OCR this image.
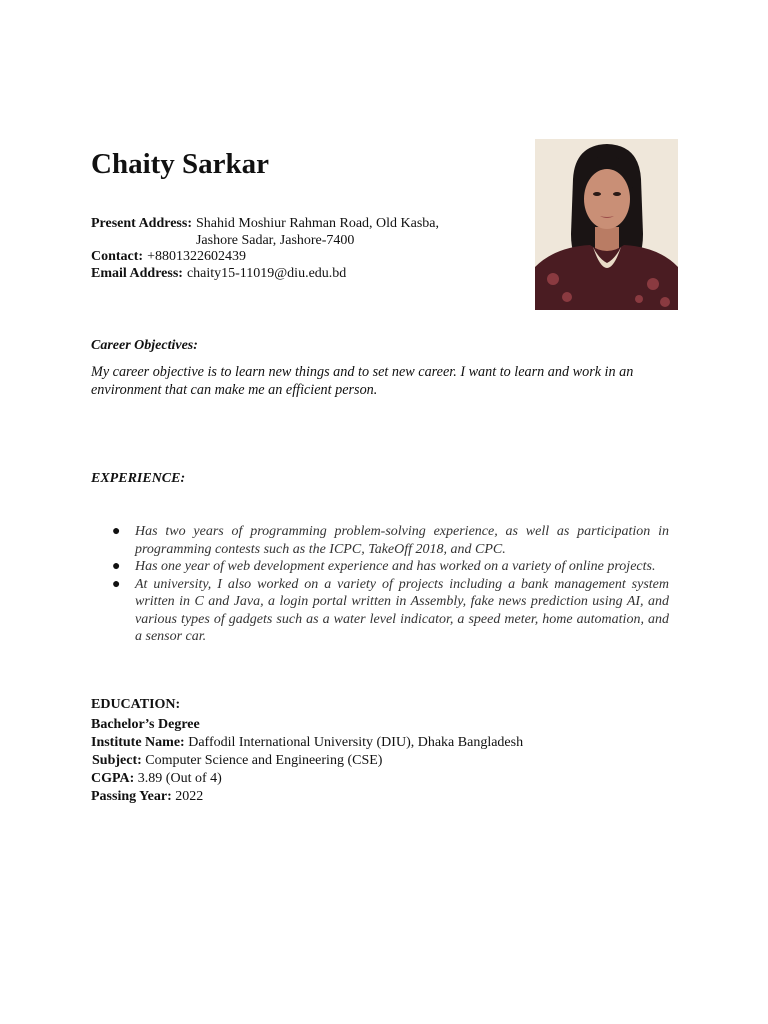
Chaity Sarkar
Present Address: Shahid Moshiur Rahman Road, Old Kasba,
Jashore Sadar, Jashore-7400
Contact: +8801322602439
Email Address: chaity15-11019@diu.edu.bd
Career Objectives:
My career objective is to learn new things and to set new career. I want to learn and work in an environment that can make me an efficient person.
EXPERIENCE:
● Has two years of programming problem-solving experience, as well as participation in programming contests such as the ICPC, TakeOff 2018, and CPC.
● Has one year of web development experience and has worked on a variety of online projects.
● At university, I also worked on a variety of projects including a bank management system written in C and Java, a login portal written in Assembly, fake news prediction using AI, and various types of gadgets such as a water level indicator, a speed meter, home automation, and a sensor car.
EDUCATION:
Bachelor’s Degree
Institute Name: Daffodil International University (DIU), Dhaka Bangladesh
Subject: Computer Science and Engineering (CSE)
CGPA: 3.89 (Out of 4)
Passing Year: 2022
